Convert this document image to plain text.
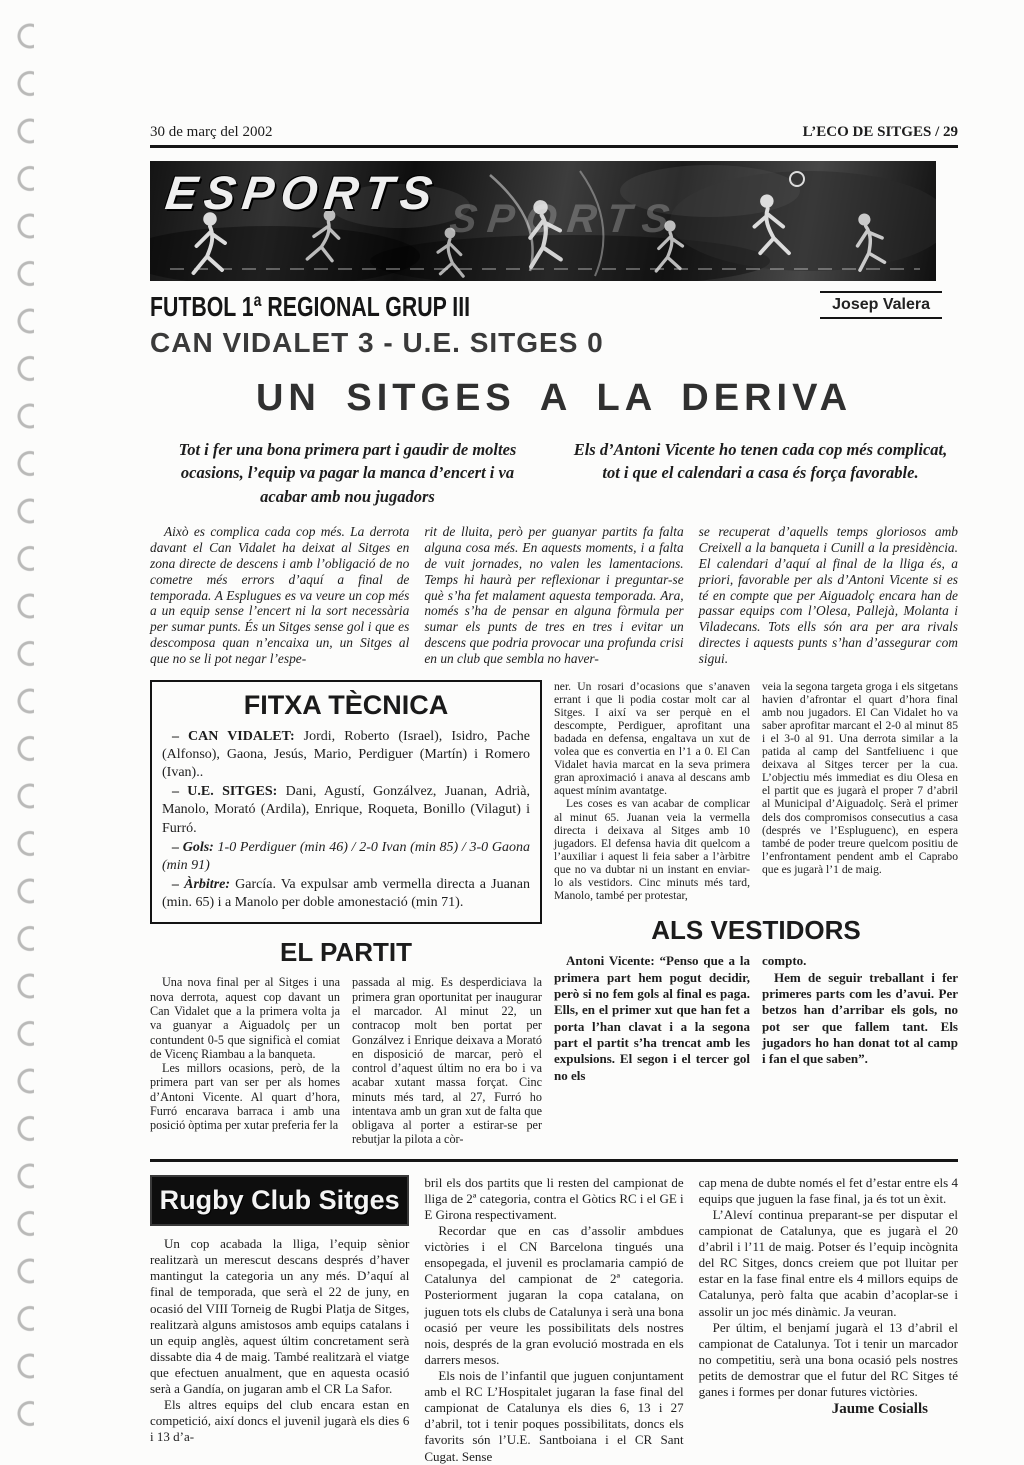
30 de març del 2002	L’ECO DE SITGES / 29
SPORTS
ESPORTS
FUTBOL 1ª REGIONAL GRUP III	Josep Valera
CAN VIDALET 3 - U.E. SITGES 0
UN SITGES A LA DERIVA
Tot i fer una bona primera part i gaudir de moltes ocasions, l’equip va pagar la manca d’encert i va acabar amb nou jugadors
Els d’Antoni Vicente ho tenen cada cop més complicat, tot i que el calendari a casa és força favorable.
Això es complica cada cop més. La derrota davant el Can Vidalet ha deixat al Sitges en zona directe de descens i amb l’obligació de no cometre més errors d’aquí a final de temporada. A Esplugues es va veure un cop més a un equip sense l’encert ni la sort necessària per sumar punts. És un Sitges sense gol i que es descomposa quan n’encaixa un, un Sitges al que no se li pot negar l’espe-
rit de lluita, però per guanyar partits fa falta alguna cosa més. En aquests moments, i a falta de vuit jornades, no valen les lamentacions. Temps hi haurà per reflexionar i preguntar-se què s’ha fet malament aquesta temporada. Ara, només s’ha de pensar en alguna fòrmula per sumar els punts de tres en tres i evitar un descens que podria provocar una profunda crisi en un club que sembla no haver-
se recuperat d’aquells temps gloriosos amb Creixell a la banqueta i Cunill a la presidència. El calendari d’aquí al final de la lliga és, a priori, favorable per als d’Antoni Vicente si es té en compte que per Aiguadolç encara han de passar equips com l’Olesa, Pallejà, Molanta i Viladecans. Tots ells són ara per ara rivals directes i aquests punts s’han d’assegurar com sigui.
FITXA TÈCNICA

– CAN VIDALET: Jordi, Roberto (Israel), Isidro, Pache (Alfonso), Gaona, Jesús, Mario, Perdiguer (Martín) i Romero (Ivan)..

– U.E. SITGES: Dani, Agustí, Gonzálvez, Juanan, Adrià, Manolo, Morató (Ardila), Enrique, Roqueta, Bonillo (Vilagut) i Furró.

– Gols: 1-0 Perdiguer (min 46) / 2-0 Ivan (min 85) / 3-0 Gaona (min 91)

– Àrbitre: García. Va expulsar amb vermella directa a Juanan (min. 65) i a Manolo per doble amonestació (min 71).

EL PARTIT

Una nova final per al Sitges i una nova derrota, aquest cop davant un Can Vidalet que a la primera volta ja va guanyar a Aiguadolç per un contundent 0-5 que significà el comiat de Vicenç Riambau a la banqueta.

Les millors ocasions, però, de la primera part van ser per als homes d’Antoni Vicente. Al quart d’hora, Furró encarava barraca i amb una posició òptima per xutar preferia fer la

passada al mig. Es desperdiciava la primera gran oportunitat per inaugurar el marcador. Al minut 22, un contracop molt ben portat per Gonzálvez i Enrique deixava a Morató en disposició de marcar, però el control d’aquest últim no era bo i va acabar xutant massa forçat. Cinc minuts més tard, al 27, Furró ho intentava amb un gran xut de falta que obligava al porter a estirar-se per rebutjar la pilota a còr-

ner. Un rosari d’ocasions que s’anaven errant i que li podia costar molt car al Sitges. I així va ser perquè en el descompte, Perdiguer, aprofitant una badada en defensa, engaltava un xut de volea que es convertia en l’1 a 0. El Can Vidalet havia marcat en la seva primera gran aproximació i anava al descans amb aquest mínim avantatge.

Les coses es van acabar de complicar al minut 65. Juanan veia la vermella directa i deixava al Sitges amb 10 jugadors. El defensa havia dit quelcom a l’auxiliar i aquest li feia saber a l’àrbitre que no va dubtar ni un instant en enviar-lo als vestidors. Cinc minuts més tard, Manolo, també per protestar,

veia la segona targeta groga i els sitgetans havien d’afrontar el quart d’hora final amb nou jugadors. El Can Vidalet ho va saber aprofitar marcant el 2-0 al minut 85 i el 3-0 al 91. Una derrota similar a la patida al camp del Santfeliuenc i que deixava al Sitges tercer per la cua. L’objectiu més immediat es diu Olesa en el partit que es jugarà el proper 7 d’abril al Municipal d’Aiguadolç. Serà el primer dels dos compromisos consecutius a casa (després ve l’Espluguenc), en espera també de poder treure quelcom positiu de l’enfrontament pendent amb el Caprabo que es jugarà l’1 de maig.

ALS VESTIDORS

Antoni Vicente: “Penso que a la primera part hem pogut decidir, però si no fem gols al final es paga. Ells, en el primer xut que han fet a porta l’han clavat i a la segona part el partit s’ha trencat amb les expulsions. El segon i el tercer gol no els

compto.

Hem de seguir treballant i fer primeres parts com les d’avui. Per betzos han d’arribar els gols, no pot ser que fallem tant. Els jugadors ho han donat tot al camp i fan el que saben”.

Rugby Club Sitges

Un cop acabada la lliga, l’equip sènior realitzarà un merescut descans després d’haver mantingut la categoria un any més. D’aquí al final de temporada, que serà el 22 de juny, en ocasió del VIII Torneig de Rugbi Platja de Sitges, realitzarà alguns amistosos amb equips catalans i un equip anglès, aquest últim concretament serà dissabte dia 4 de maig. També realitzarà el viatge que efectuen anualment, que en aquesta ocasió serà a Gandía, on jugaran amb el CR La Safor.

Els altres equips del club encara estan en competició, així doncs el juvenil jugarà els dies 6 i 13 d’a-

bril els dos partits que li resten del campionat de lliga de 2ª categoria, contra el Gòtics RC i el GE i E Girona respectivament.

Recordar que en cas d’assolir ambdues victòries i el CN Barcelona tingués una ensopegada, el juvenil es proclamaria campió de Catalunya del campionat de 2ª categoria. Posteriorment jugaran la copa catalana, on juguen tots els clubs de Catalunya i serà una bona ocasió per veure les possibilitats dels nostres nois, després de la gran evolució mostrada en els darrers mesos.

Els nois de l’infantil que juguen conjuntament amb el RC L’Hospitalet jugaran la fase final del campionat de Catalunya els dies 6, 13 i 27 d’abril, tot i tenir poques possibilitats, doncs els favorits són l’U.E. Santboiana i el CR Sant Cugat. Sense

cap mena de dubte només el fet d’estar entre els 4 equips que juguen la fase final, ja és tot un èxit.

L’Aleví continua preparant-se per disputar el campionat de Catalunya, que es jugarà el 20 d’abril i l’11 de maig. Potser és l’equip incògnita del RC Sitges, doncs creiem que pot lluitar per estar en la fase final entre els 4 millors equips de Catalunya, però falta que acabin d’acoplar-se i assolir un joc més dinàmic. Ja veuran.

Per últim, el benjamí jugarà el 13 d’abril el campionat de Catalunya. Tot i tenir un marcador no competitiu, serà una bona ocasió pels nostres petits de demostrar que el futur del RC Sitges té ganes i formes per donar futures victòries.

Jaume Cosialls
